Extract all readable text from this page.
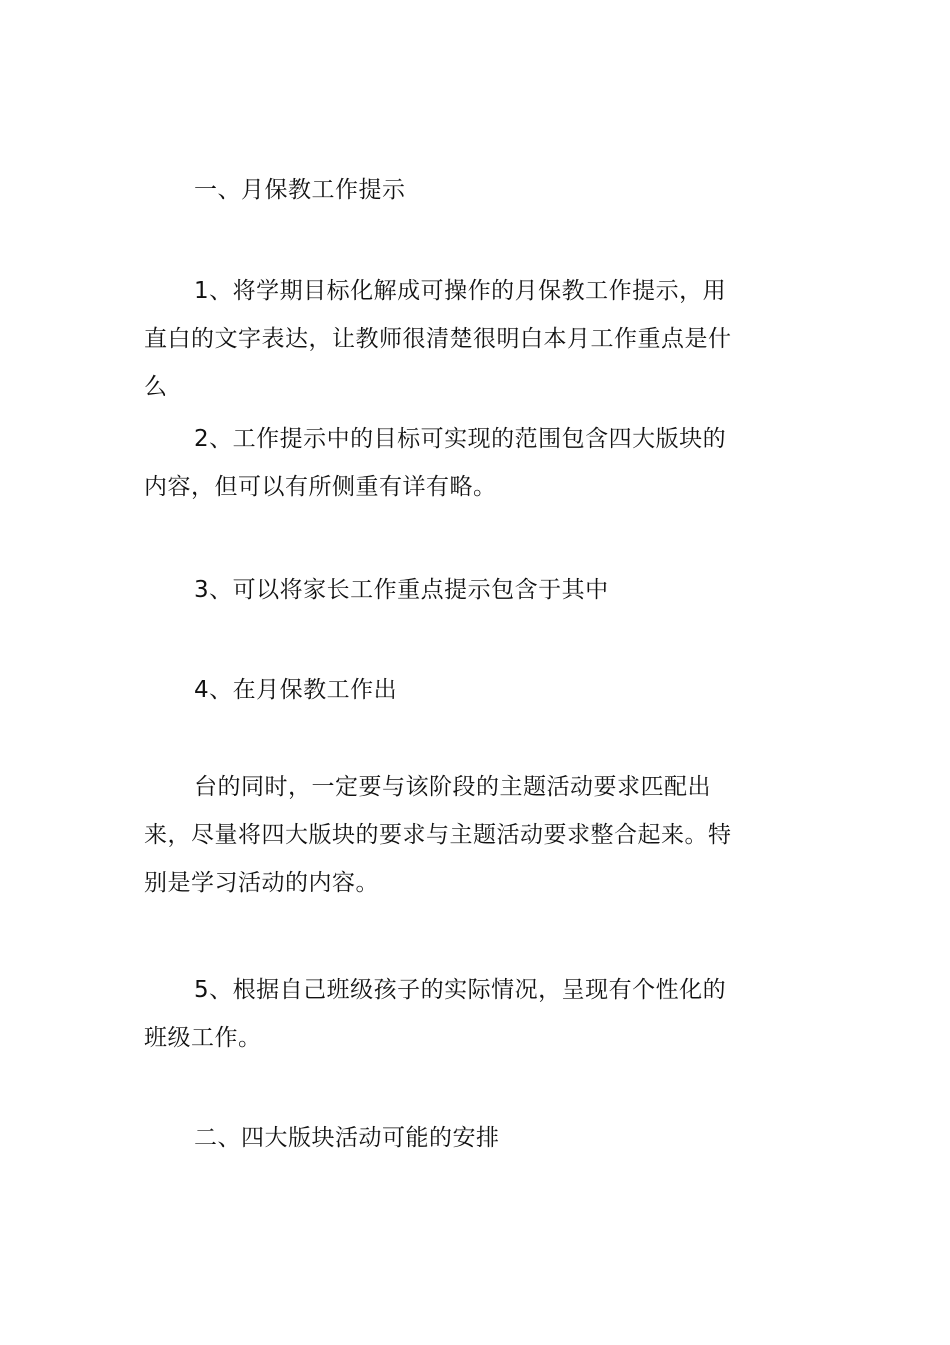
一、月保教工作提示

1、将学期目标化解成可操作的月保教工作提示，用直白的文字表达，让教师很清楚很明白本月工作重点是什么

2、工作提示中的目标可实现的范围包含四大版块的内容，但可以有所侧重有详有略。

3、可以将家长工作重点提示包含于其中

4、在月保教工作出

台的同时，一定要与该阶段的主题活动要求匹配出来，尽量将四大版块的要求与主题活动要求整合起来。特别是学习活动的内容。

5、根据自己班级孩子的实际情况，呈现有个性化的班级工作。

二、四大版块活动可能的安排
